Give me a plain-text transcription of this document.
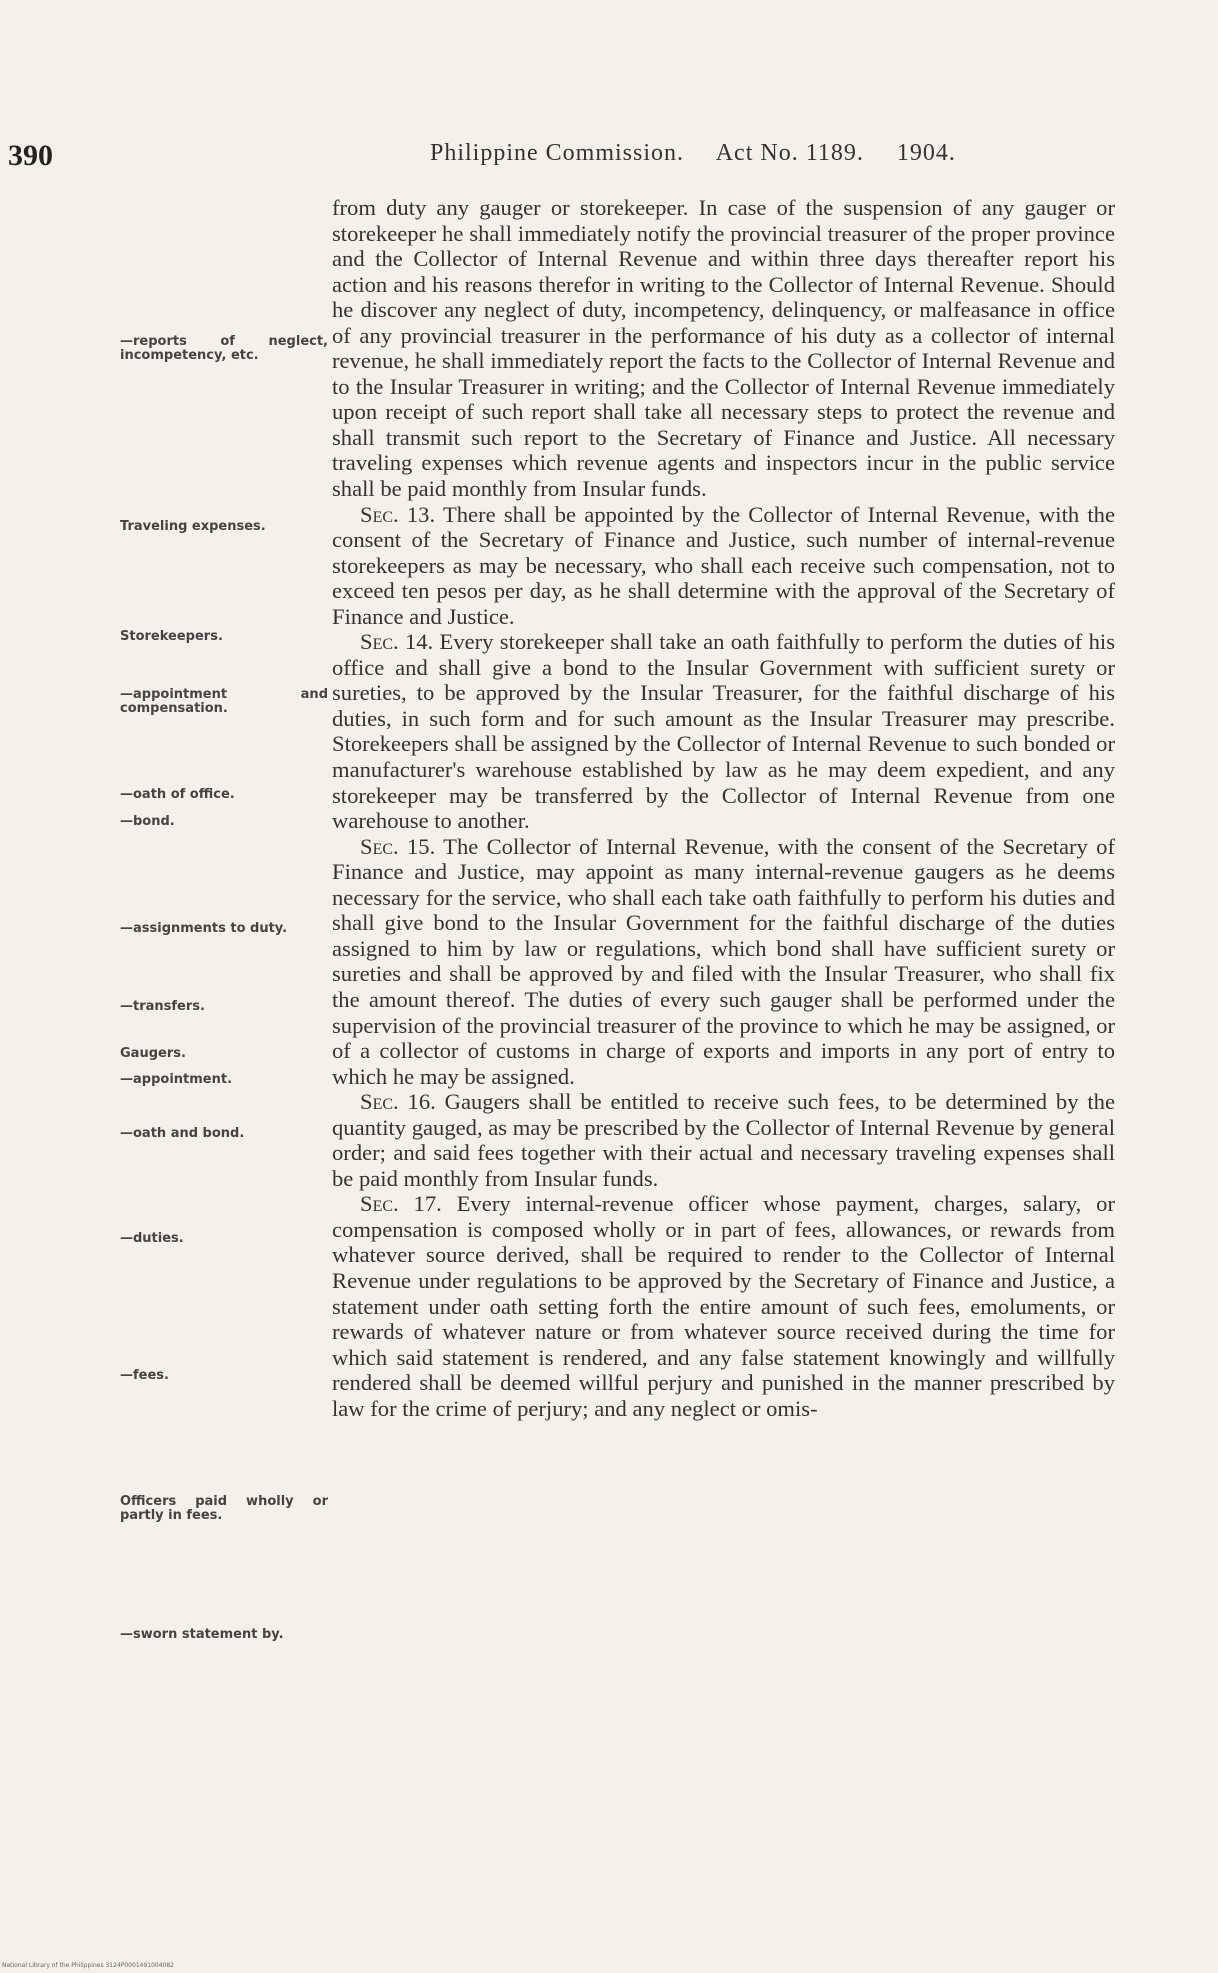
390	Philippine Commission. Act No. 1189. 1904.
—reports of neglect, incompetency, etc.
Traveling expenses.
Storekeepers.
—appointment and compensation.
—oath of office.
—bond.
—assignments to duty.
—transfers.
Gaugers.
—appointment.
—oath and bond.
—duties.
—fees.
Officers paid wholly or partly in fees.
—sworn statement by.

from duty any gauger or storekeeper. In case of the suspension of any gauger or storekeeper he shall immediately notify the provincial treasurer of the proper province and the Collector of Internal Revenue and within three days thereafter report his action and his reasons therefor in writing to the Collector of Internal Revenue. Should he discover any neglect of duty, incompetency, delinquency, or malfeasance in office of any provincial treasurer in the performance of his duty as a collector of internal revenue, he shall immediately report the facts to the Collector of Internal Revenue and to the Insular Treasurer in writing; and the Collector of Internal Revenue immediately upon receipt of such report shall take all necessary steps to protect the revenue and shall transmit such report to the Secretary of Finance and Justice. All necessary traveling expenses which revenue agents and inspectors incur in the public service shall be paid monthly from Insular funds.

Sec. 13. There shall be appointed by the Collector of Internal Revenue, with the consent of the Secretary of Finance and Justice, such number of internal-revenue storekeepers as may be necessary, who shall each receive such compensation, not to exceed ten pesos per day, as he shall determine with the approval of the Secretary of Finance and Justice.

Sec. 14. Every storekeeper shall take an oath faithfully to perform the duties of his office and shall give a bond to the Insular Government with sufficient surety or sureties, to be approved by the Insular Treasurer, for the faithful discharge of his duties, in such form and for such amount as the Insular Treasurer may prescribe. Storekeepers shall be assigned by the Collector of Internal Revenue to such bonded or manufacturer's warehouse established by law as he may deem expedient, and any storekeeper may be transferred by the Collector of Internal Revenue from one warehouse to another.

Sec. 15. The Collector of Internal Revenue, with the consent of the Secretary of Finance and Justice, may appoint as many internal-revenue gaugers as he deems necessary for the service, who shall each take oath faithfully to perform his duties and shall give bond to the Insular Government for the faithful discharge of the duties assigned to him by law or regulations, which bond shall have sufficient surety or sureties and shall be approved by and filed with the Insular Treasurer, who shall fix the amount thereof. The duties of every such gauger shall be performed under the supervision of the provincial treasurer of the province to which he may be assigned, or of a collector of customs in charge of exports and imports in any port of entry to which he may be assigned.

Sec. 16. Gaugers shall be entitled to receive such fees, to be determined by the quantity gauged, as may be prescribed by the Collector of Internal Revenue by general order; and said fees together with their actual and necessary traveling expenses shall be paid monthly from Insular funds.

Sec. 17. Every internal-revenue officer whose payment, charges, salary, or compensation is composed wholly or in part of fees, allowances, or rewards from whatever source derived, shall be required to render to the Collector of Internal Revenue under regulations to be approved by the Secretary of Finance and Justice, a statement under oath setting forth the entire amount of such fees, emoluments, or rewards of whatever nature or from whatever source received during the time for which said statement is rendered, and any false statement knowingly and willfully rendered shall be deemed willful perjury and punished in the manner prescribed by law for the crime of perjury; and any neglect or omis-

National Library of the Philippines 3124P0001491004082
